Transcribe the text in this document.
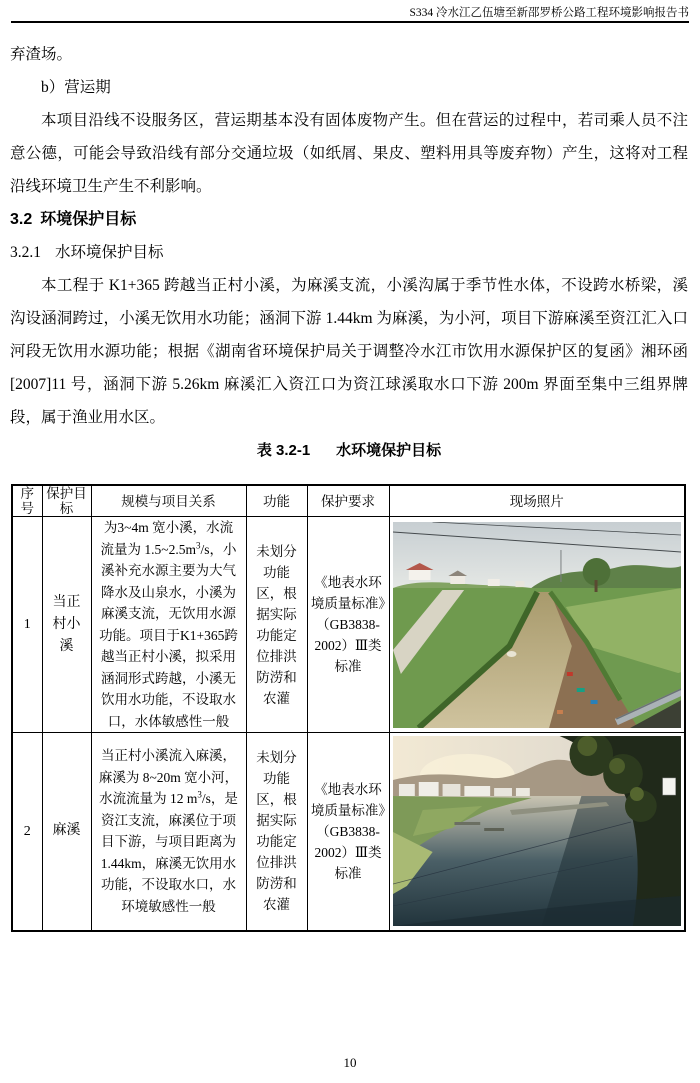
S334 冷水江乙伍塘至新邵罗桥公路工程环境影响报告书

弃渣场。

b）营运期

本项目沿线不设服务区，营运期基本没有固体废物产生。但在营运的过程中，若司乘人员不注意公德，可能会导致沿线有部分交通垃圾（如纸屑、果皮、塑料用具等废弃物）产生，这将对工程沿线环境卫生产生不利影响。

3.2 环境保护目标
3.2.1 水环境保护目标

本工程于 K1+365 跨越当正村小溪，为麻溪支流，小溪沟属于季节性水体，不设跨水桥梁，溪沟设涵洞跨过，小溪无饮用水功能；涵洞下游 1.44km 为麻溪，为小河，项目下游麻溪至资江汇入口河段无饮用水源功能；根据《湖南省环境保护局关于调整冷水江市饮用水源保护区的复函》湘环函[2007]11 号，涵洞下游 5.26km 麻溪汇入资江口为资江球溪取水口下游 200m 界面至集中三组界牌段，属于渔业用水区。

表 3.2-1 水环境保护目标

序号	保护目标	规模与项目关系	功能	保护要求	现场照片
1	当正村小溪	为3~4m 宽小溪，水流流量为 $1.5\sim 2.5m^3/s$，小溪补充水源主要为大气降水及山泉水，小溪为麻溪支流，无饮用水源功能。项目于K1+365跨越当正村小溪，拟采用涵洞形式跨越，小溪无饮用水功能，不设取水口，水体敏感性一般	未划分功能区，根据实际功能定位排洪防涝和农灌	《地表水环境质量标准》（GB3838-2002）Ⅲ类标准	

2	麻溪	当正村小溪流入麻溪，麻溪为 8~20m 宽小河，水流流量为 12 $m^3/s$，是资江支流，麻溪位于项目下游，与项目距离为1.44km，麻溪无饮用水功能，不设取水口，水环境敏感性一般	未划分功能区，根据实际功能定位排洪防涝和农灌	《地表水环境质量标准》（GB3838-2002）Ⅲ类标准	
10
